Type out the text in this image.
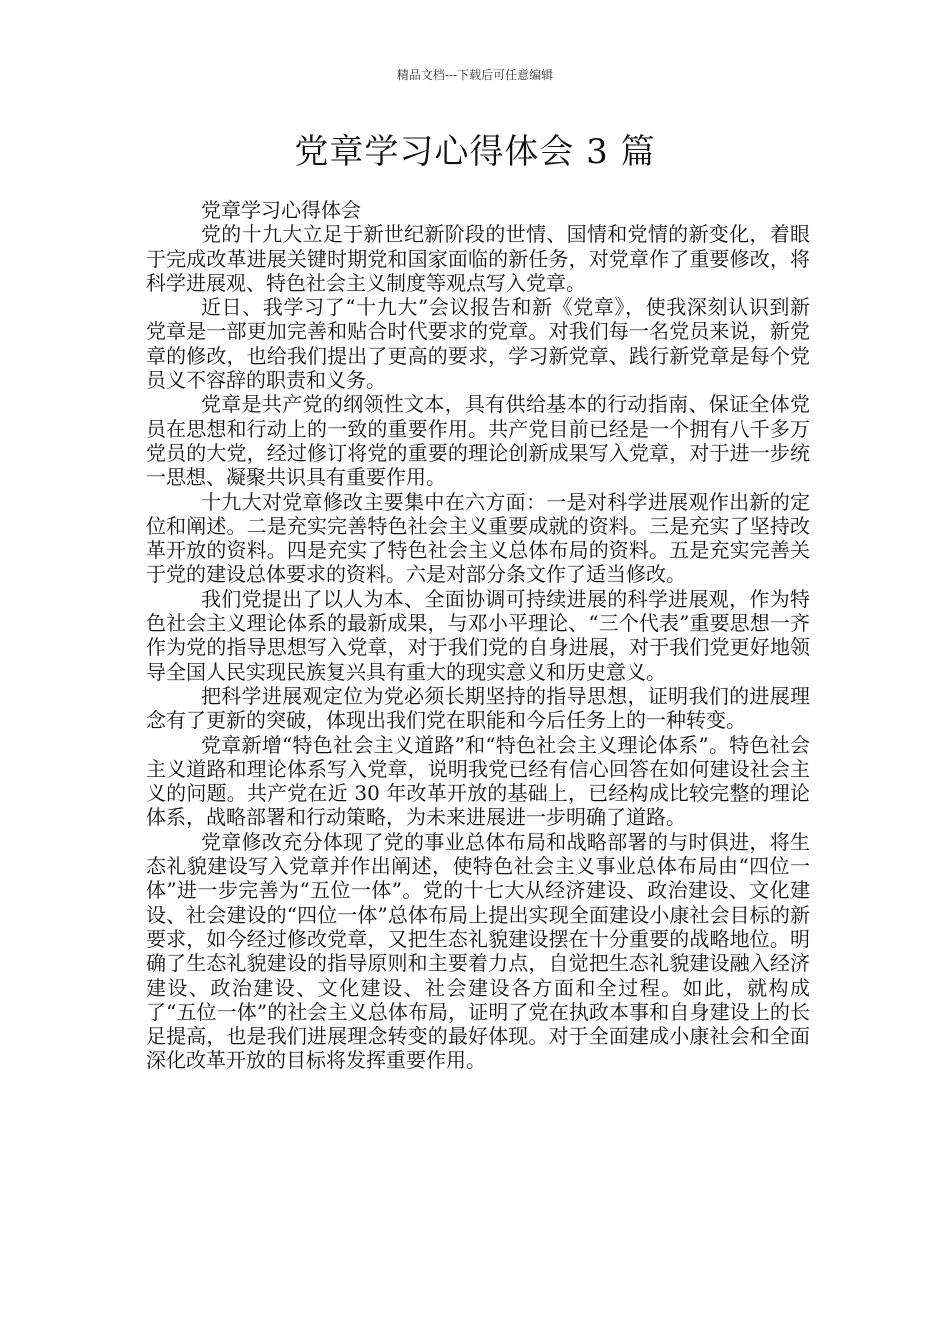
精品文档---下载后可任意编辑
党章学习心得体会 3 篇

党章学习心得体会

党的十九大立足于新世纪新阶段的世情、国情和党情的新变化，着眼于完成改革进展关键时期党和国家面临的新任务，对党章作了重要修改，将科学进展观、特色社会主义制度等观点写入党章。

近日、我学习了“十九大”会议报告和新《党章》，使我深刻认识到新党章是一部更加完善和贴合时代要求的党章。对我们每一名党员来说，新党章的修改，也给我们提出了更高的要求，学习新党章、践行新党章是每个党员义不容辞的职责和义务。

党章是共产党的纲领性文本，具有供给基本的行动指南、保证全体党员在思想和行动上的一致的重要作用。共产党目前已经是一个拥有八千多万党员的大党，经过修订将党的重要的理论创新成果写入党章，对于进一步统一思想、凝聚共识具有重要作用。

十九大对党章修改主要集中在六方面：一是对科学进展观作出新的定位和阐述。二是充实完善特色社会主义重要成就的资料。三是充实了坚持改革开放的资料。四是充实了特色社会主义总体布局的资料。五是充实完善关于党的建设总体要求的资料。六是对部分条文作了适当修改。

我们党提出了以人为本、全面协调可持续进展的科学进展观，作为特色社会主义理论体系的最新成果，与邓小平理论、“三个代表”重要思想一齐作为党的指导思想写入党章，对于我们党的自身进展，对于我们党更好地领导全国人民实现民族复兴具有重大的现实意义和历史意义。

把科学进展观定位为党必须长期坚持的指导思想，证明我们的进展理念有了更新的突破，体现出我们党在职能和今后任务上的一种转变。

党章新增“特色社会主义道路”和“特色社会主义理论体系”。特色社会主义道路和理论体系写入党章，说明我党已经有信心回答在如何建设社会主义的问题。共产党在近 30 年改革开放的基础上，已经构成比较完整的理论体系，战略部署和行动策略，为未来进展进一步明确了道路。

党章修改充分体现了党的事业总体布局和战略部署的与时俱进，将生态礼貌建设写入党章并作出阐述，使特色社会主义事业总体布局由“四位一体”进一步完善为“五位一体”。党的十七大从经济建设、政治建设、文化建设、社会建设的“四位一体”总体布局上提出实现全面建设小康社会目标的新要求，如今经过修改党章，又把生态礼貌建设摆在十分重要的战略地位。明确了生态礼貌建设的指导原则和主要着力点，自觉把生态礼貌建设融入经济建设、政治建设、文化建设、社会建设各方面和全过程。如此，就构成了“五位一体”的社会主义总体布局，证明了党在执政本事和自身建设上的长足提高，也是我们进展理念转变的最好体现。对于全面建成小康社会和全面深化改革开放的目标将发挥重要作用。
